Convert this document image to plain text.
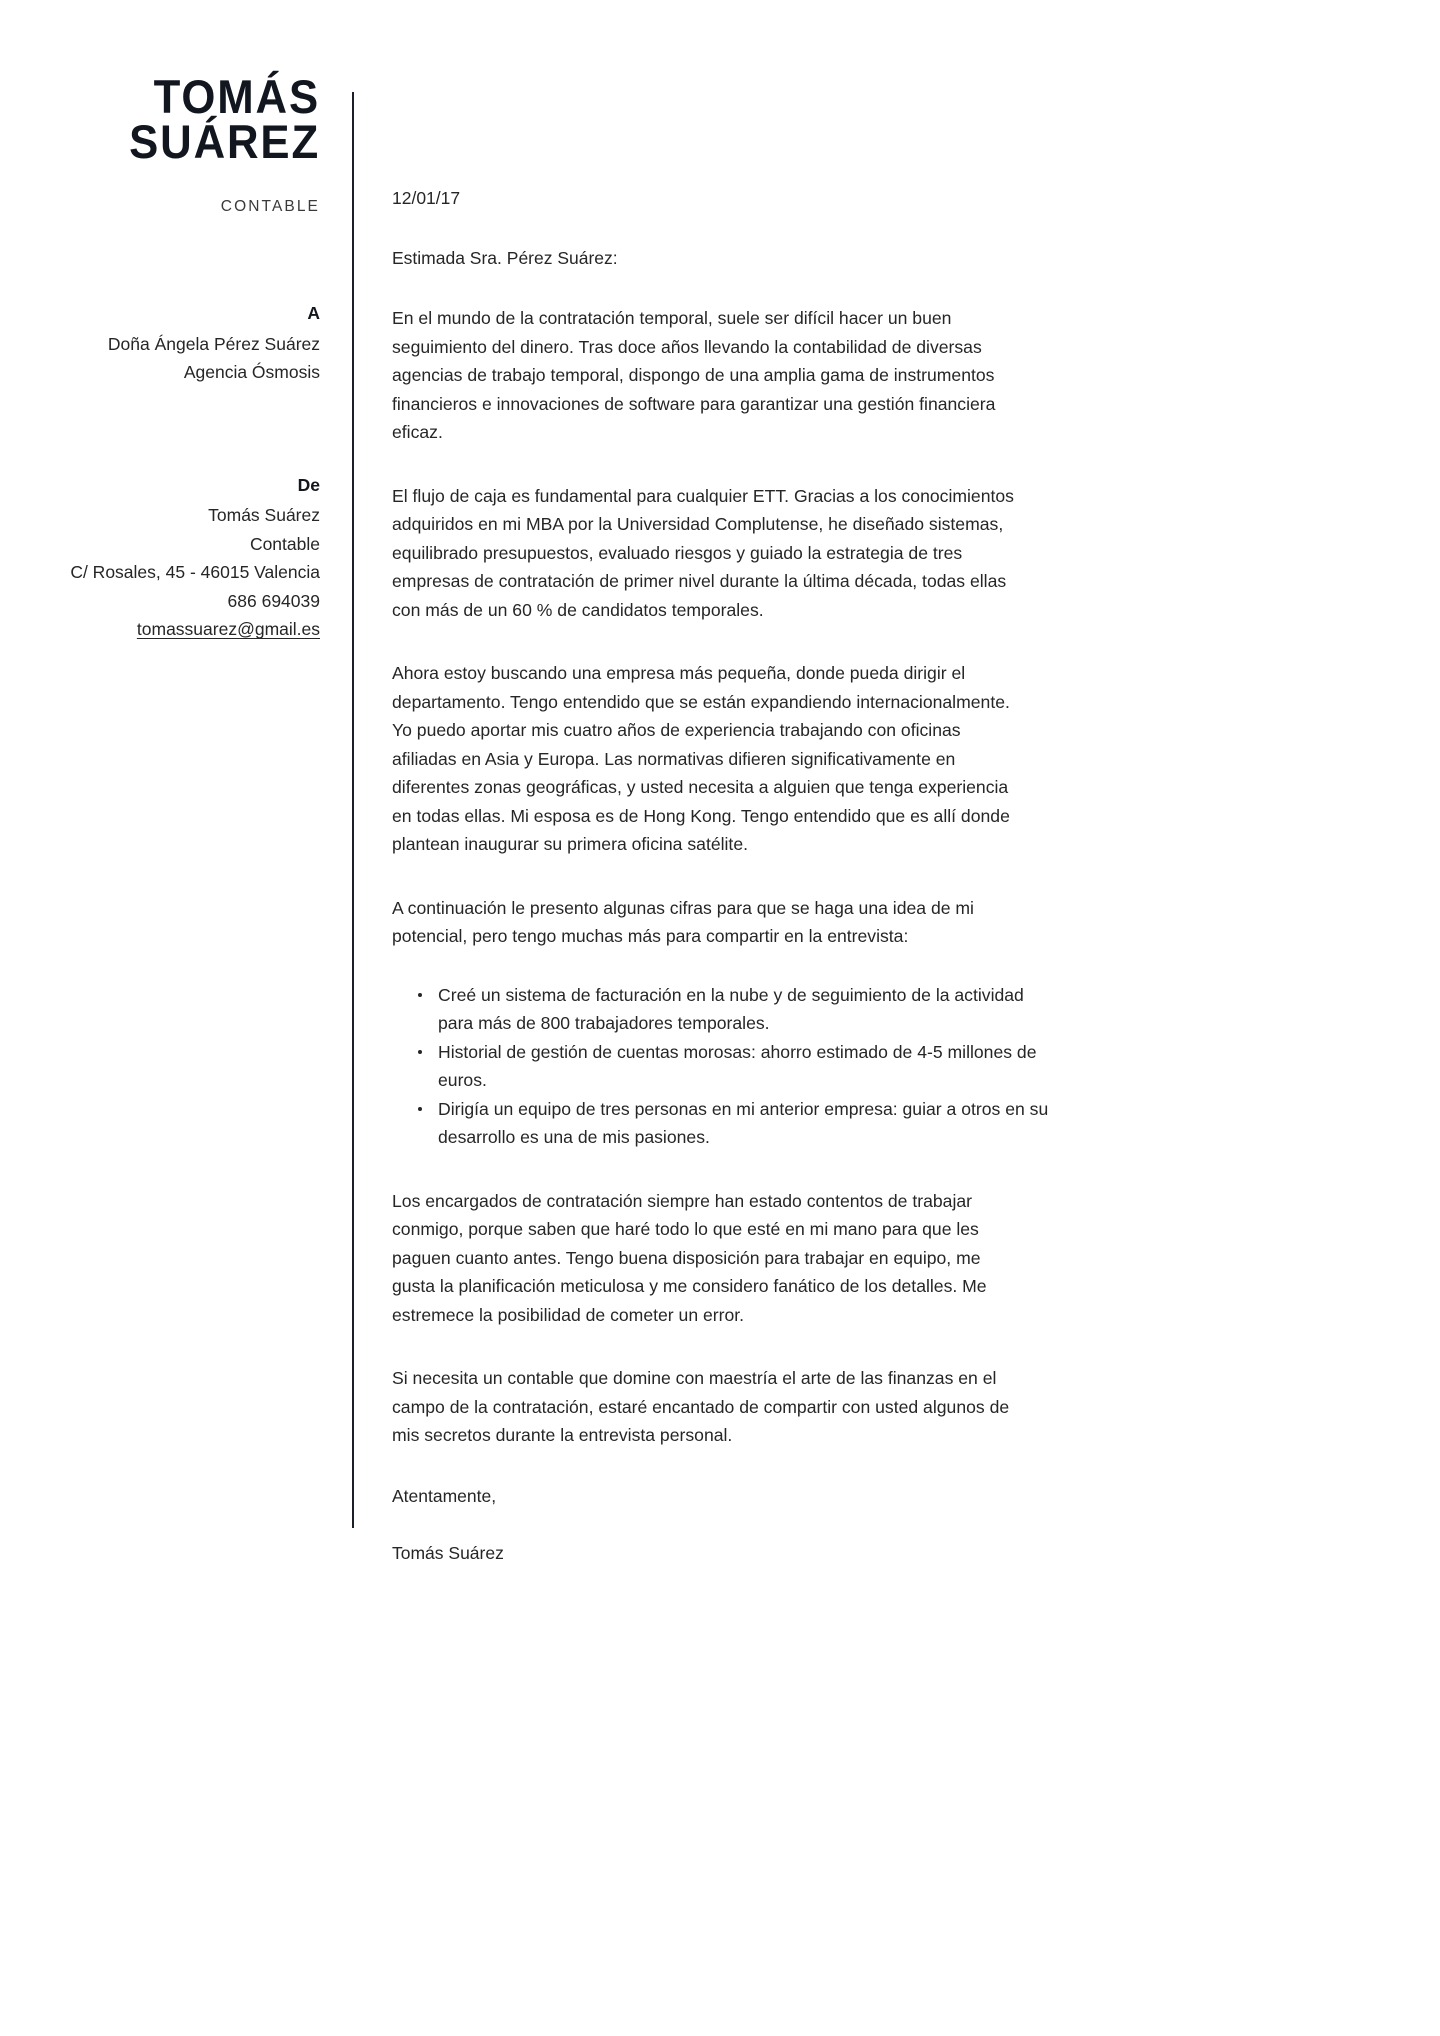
TOMÁS
SUÁREZ
CONTABLE
A
Doña Ángela Pérez Suárez
Agencia Ósmosis
De
Tomás Suárez
Contable
C/ Rosales, 45 - 46015 Valencia
686 694039
tomassuarez@gmail.es
12/01/17
Estimada Sra. Pérez Suárez:

En el mundo de la contratación temporal, suele ser difícil hacer un buen seguimiento del dinero. Tras doce años llevando la contabilidad de diversas agencias de trabajo temporal, dispongo de una amplia gama de instrumentos financieros e innovaciones de software para garantizar una gestión financiera eficaz.

El flujo de caja es fundamental para cualquier ETT. Gracias a los conocimientos adquiridos en mi MBA por la Universidad Complutense, he diseñado sistemas, equilibrado presupuestos, evaluado riesgos y guiado la estrategia de tres empresas de contratación de primer nivel durante la última década, todas ellas con más de un 60 % de candidatos temporales.

Ahora estoy buscando una empresa más pequeña, donde pueda dirigir el departamento. Tengo entendido que se están expandiendo internacionalmente. Yo puedo aportar mis cuatro años de experiencia trabajando con oficinas afiliadas en Asia y Europa. Las normativas difieren significativamente en diferentes zonas geográficas, y usted necesita a alguien que tenga experiencia en todas ellas. Mi esposa es de Hong Kong. Tengo entendido que es allí donde plantean inaugurar su primera oficina satélite.

A continuación le presento algunas cifras para que se haga una idea de mi potencial, pero tengo muchas más para compartir en la entrevista:

Creé un sistema de facturación en la nube y de seguimiento de la actividad para más de 800 trabajadores temporales.
Historial de gestión de cuentas morosas: ahorro estimado de 4-5 millones de euros.
Dirigía un equipo de tres personas en mi anterior empresa: guiar a otros en su desarrollo es una de mis pasiones.

Los encargados de contratación siempre han estado contentos de trabajar conmigo, porque saben que haré todo lo que esté en mi mano para que les paguen cuanto antes. Tengo buena disposición para trabajar en equipo, me gusta la planificación meticulosa y me considero fanático de los detalles. Me estremece la posibilidad de cometer un error.

Si necesita un contable que domine con maestría el arte de las finanzas en el campo de la contratación, estaré encantado de compartir con usted algunos de mis secretos durante la entrevista personal.

Atentamente,
Tomás Suárez
